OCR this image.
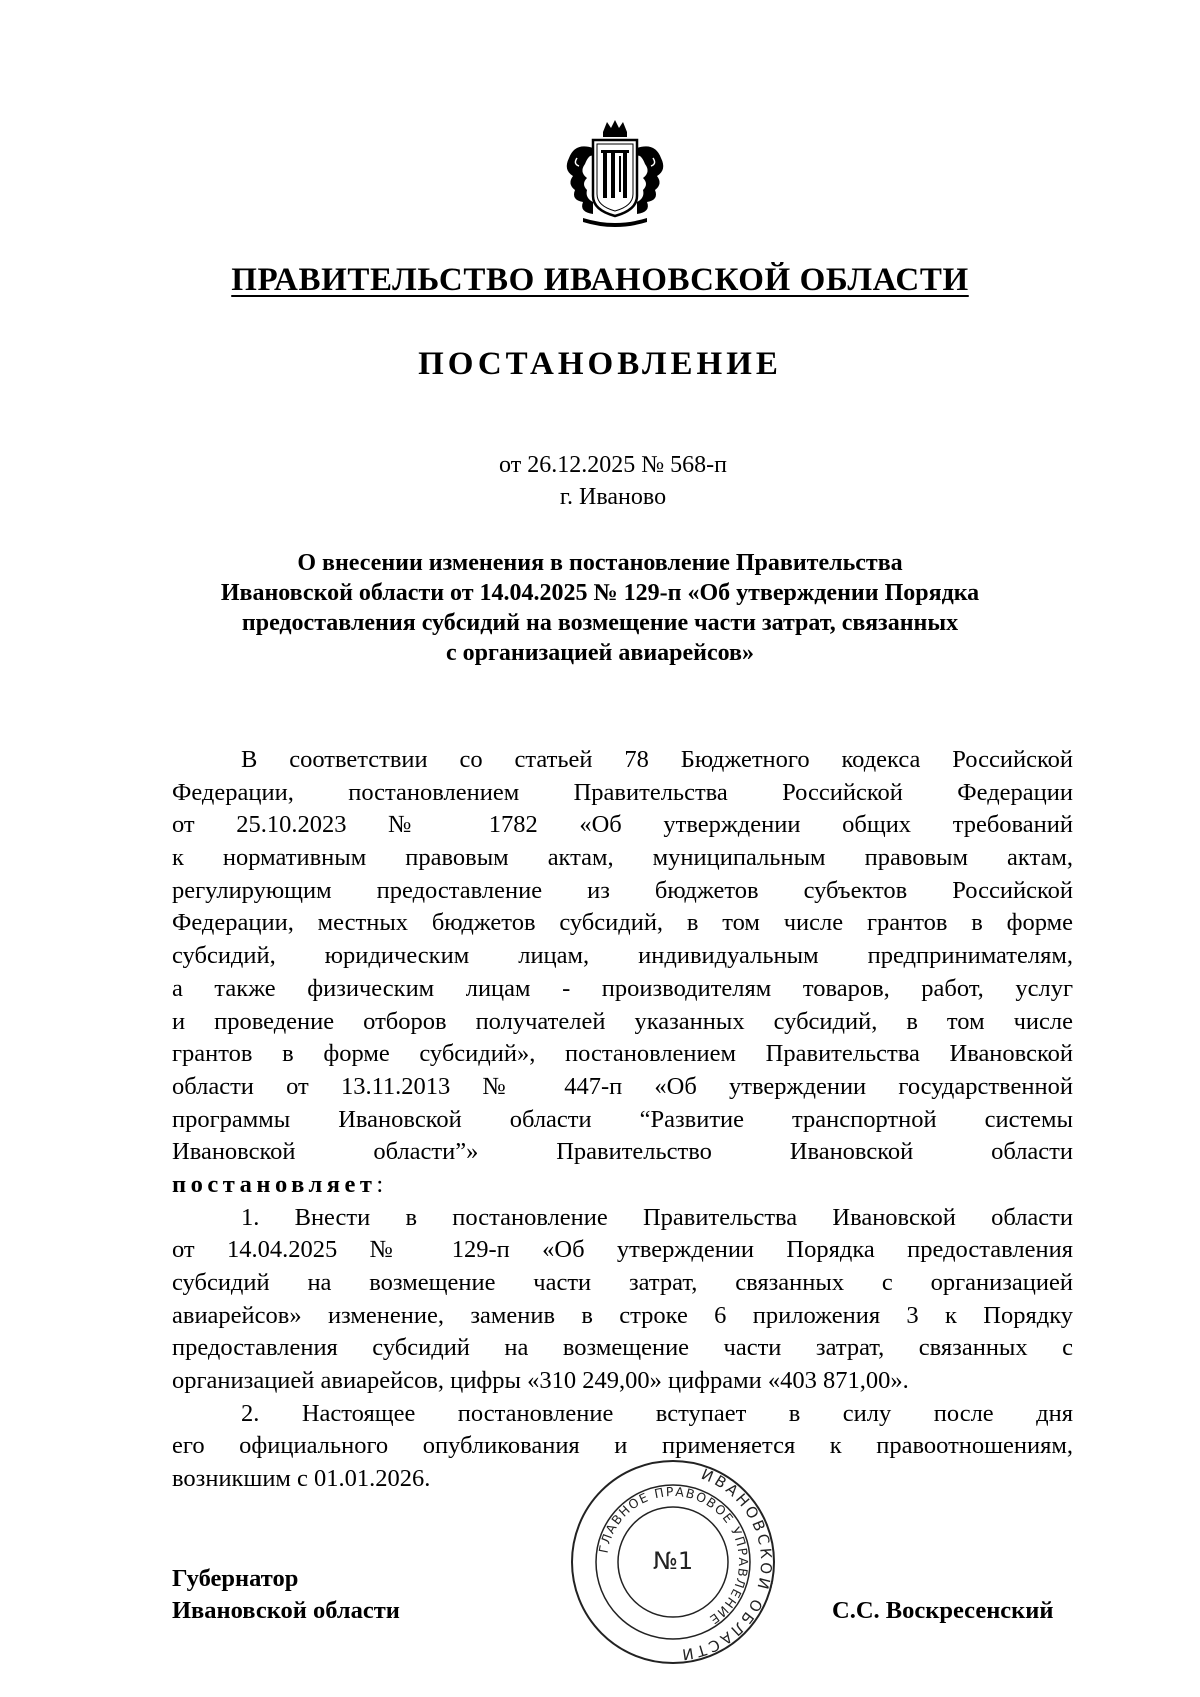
ПРАВИТЕЛЬСТВО ИВАНОВСКОЙ ОБЛАСТИ
ПОСТАНОВЛЕНИЕ
от 26.12.2025 № 568-п
г. Иваново
О внесении изменения в постановление Правительства
Ивановской области от 14.04.2025 № 129-п «Об утверждении Порядка
предоставления субсидий на возмещение части затрат, связанных
с организацией авиарейсов»
В соответствии со статьей 78 Бюджетного кодекса Российской
Федерации, постановлением Правительства Российской Федерации
от 25.10.2023 № 1782 «Об утверждении общих требований
к нормативным правовым актам, муниципальным правовым актам,
регулирующим предоставление из бюджетов субъектов Российской
Федерации, местных бюджетов субсидий, в том числе грантов в форме
субсидий, юридическим лицам, индивидуальным предпринимателям,
а также физическим лицам - производителям товаров, работ, услуг
и проведение отборов получателей указанных субсидий, в том числе
грантов в форме субсидий», постановлением Правительства Ивановской
области от 13.11.2013 № 447-п «Об утверждении государственной
программы Ивановской области “Развитие транспортной системы
Ивановской области”» Правительство Ивановской области
постановляет:
1. Внести в постановление Правительства Ивановской области
от 14.04.2025 № 129-п «Об утверждении Порядка предоставления
субсидий на возмещение части затрат, связанных с организацией
авиарейсов» изменение, заменив в строке 6 приложения 3 к Порядку
предоставления субсидий на возмещение части затрат, связанных с
организацией авиарейсов, цифры «310 249,00» цифрами «403 871,00».
2. Настоящее постановление вступает в силу после дня
его официального опубликования и применяется к правоотношениям,
возникшим с 01.01.2026.
Губернатор
Ивановской области	С.С. Воскресенский
ИВАНОВСКОЙ ОБЛАСТИ
ГЛАВНОЕ ПРАВОВОЕ УПРАВЛЕНИЕ
№1
